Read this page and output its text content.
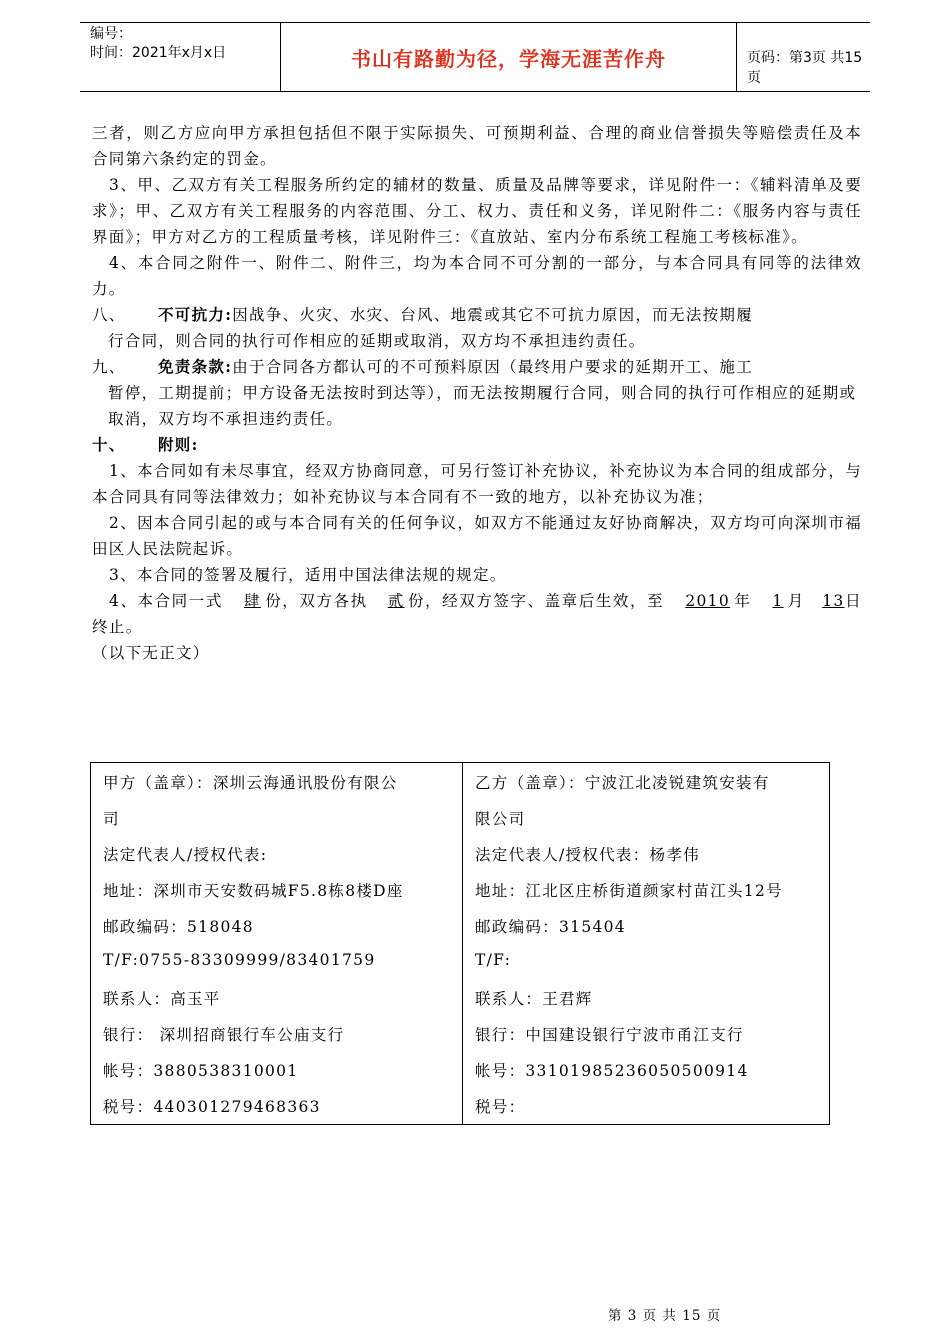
编号：
时间：2021年x月x日	书山有路勤为径，学海无涯苦作舟	页码：第3页 共15页

三者，则乙方应向甲方承担包括但不限于实际损失、可预期利益、合理的商业信誉损失等赔偿责任及本合同第六条约定的罚金。

3、甲、乙双方有关工程服务所约定的辅材的数量、质量及品牌等要求，详见附件一：《辅料清单及要求》；甲、乙双方有关工程服务的内容范围、分工、权力、责任和义务，详见附件二：《服务内容与责任界面》；甲方对乙方的工程质量考核，详见附件三：《直放站、室内分布系统工程施工考核标准》。

4、本合同之附件一、附件二、附件三，均为本合同不可分割的一部分，与本合同具有同等的法律效力。

八、 不可抗力:因战争、火灾、水灾、台风、地震或其它不可抗力原因，而无法按期履

行合同，则合同的执行可作相应的延期或取消，双方均不承担违约责任。

九、 免责条款:由于合同各方都认可的不可预料原因（最终用户要求的延期开工、施工

暂停，工期提前；甲方设备无法按时到达等），而无法按期履行合同，则合同的执行可作相应的延期或取消，双方均不承担违约责任。

十、 附则:

1、本合同如有未尽事宜，经双方协商同意，可另行签订补充协议，补充协议为本合同的组成部分，与本合同具有同等法律效力；如补充协议与本合同有不一致的地方，以补充协议为准；

2、因本合同引起的或与本合同有关的任何争议，如双方不能通过友好协商解决，双方均可向深圳市福田区人民法院起诉。

3、本合同的签署及履行，适用中国法律法规的规定。

4、本合同一式 肆 份，双方各执 贰 份，经双方签字、盖章后生效，至 2010 年 1 月 13日终止。

（以下无正文）

甲方（盖章）：深圳云海通讯股份有限公
司
法定代表人/授权代表:
地址：深圳市天安数码城F5.8栋8楼D座
邮政编码：518048
T/F:0755-83309999/83401759
联系人：高玉平
银行： 深圳招商银行车公庙支行
帐号：3880538310001
税号：440301279468363
乙方（盖章）：宁波江北凌锐建筑安装有
限公司
法定代表人/授权代表：杨孝伟
地址：江北区庄桥街道颜家村苗江头12号
邮政编码：315404
T/F:
联系人：王君辉
银行：中国建设银行宁波市甬江支行
帐号：33101985236050500914
税号：
第 3 页 共 15 页
